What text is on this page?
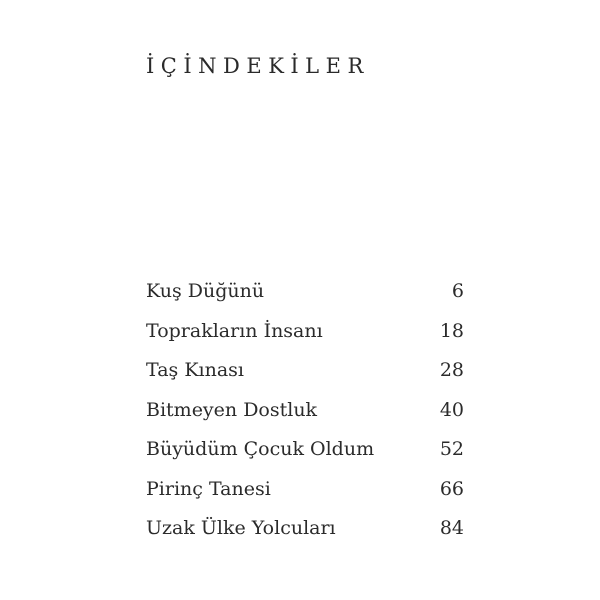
İÇİNDEKİLER
Kuş Düğünü	6
Toprakların İnsanı	18
Taş Kınası	28
Bitmeyen Dostluk	40
Büyüdüm Çocuk Oldum	52
Pirinç Tanesi	66
Uzak Ülke Yolcuları	84
